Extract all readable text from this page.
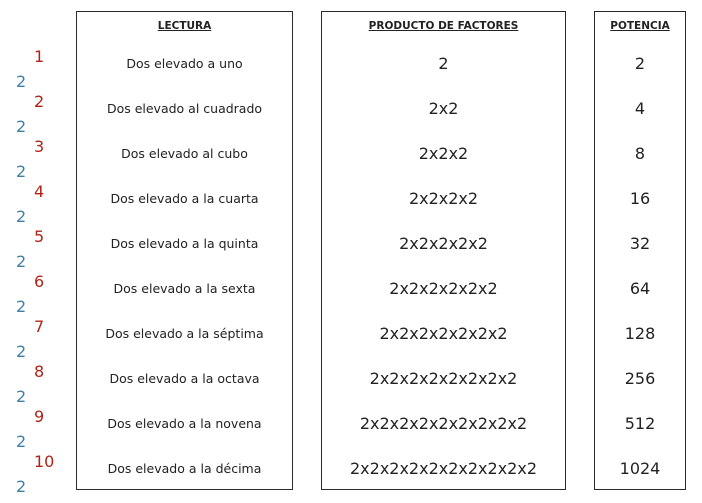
2
1
2
2
2
3
2
4
2
5
2
6
2
7
2
8
2
9
2
10
LECTURA
Dos elevado a uno
Dos elevado al cuadrado
Dos elevado al cubo
Dos elevado a la cuarta
Dos elevado a la quinta
Dos elevado a la sexta
Dos elevado a la séptima
Dos elevado a la octava
Dos elevado a la novena
Dos elevado a la décima
PRODUCTO DE FACTORES
2
2x2
2x2x2
2x2x2x2
2x2x2x2x2
2x2x2x2x2x2
2x2x2x2x2x2x2
2x2x2x2x2x2x2x2
2x2x2x2x2x2x2x2x2
2x2x2x2x2x2x2x2x2x2
POTENCIA
2
4
8
16
32
64
128
256
512
1024
